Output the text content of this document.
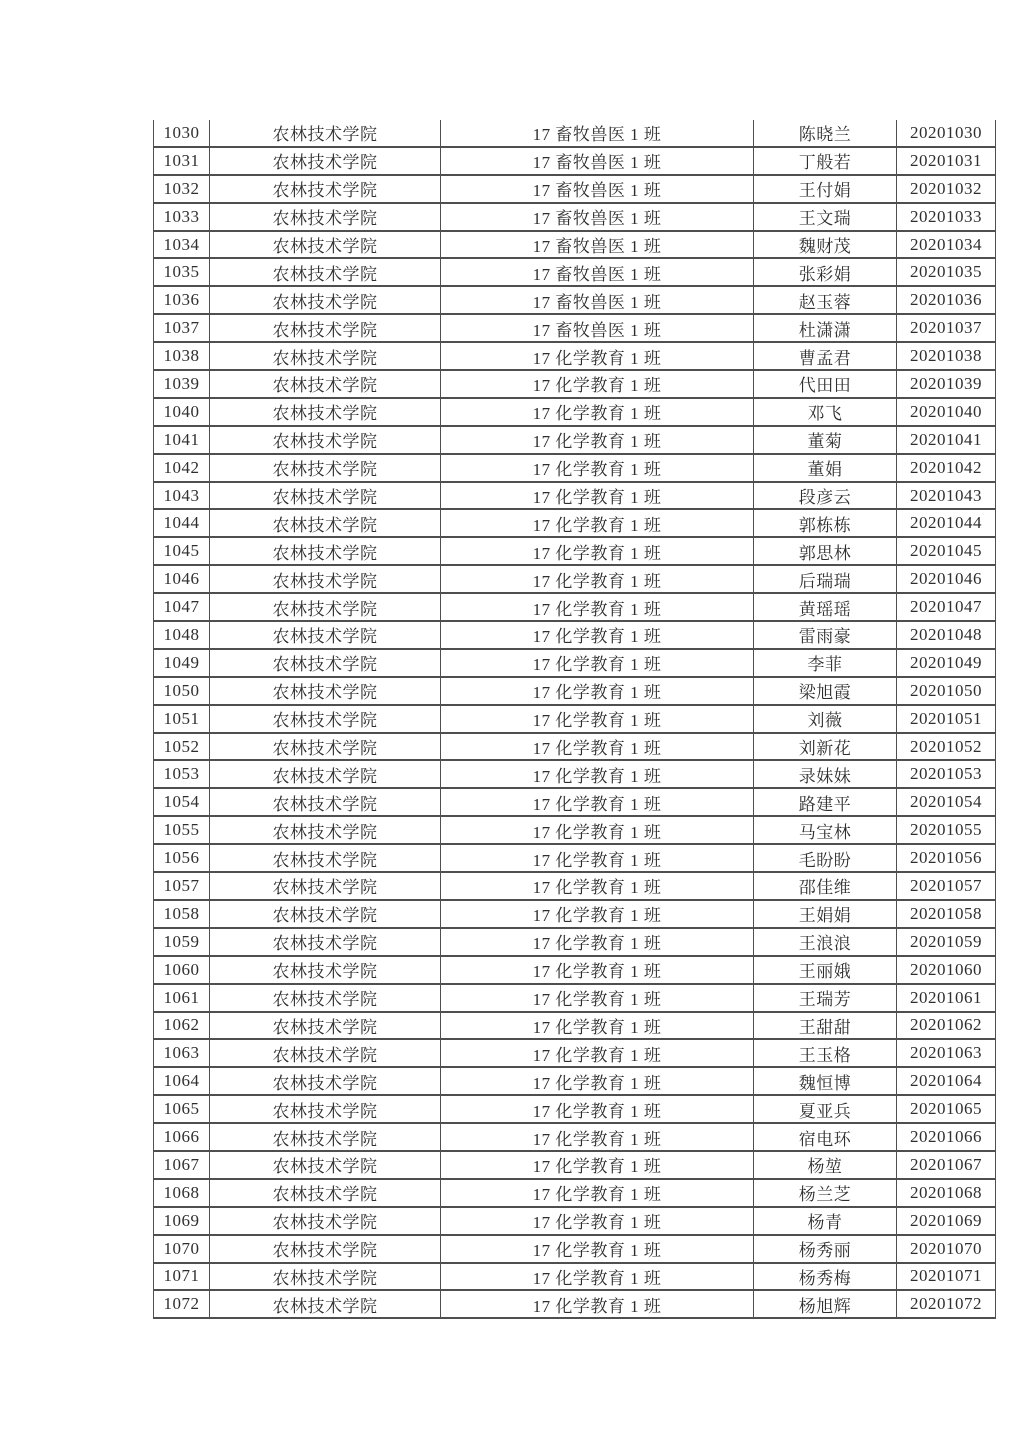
1030	农林技术学院	17 畜牧兽医 1 班	陈晓兰	20201030
1031	农林技术学院	17 畜牧兽医 1 班	丁般若	20201031
1032	农林技术学院	17 畜牧兽医 1 班	王付娟	20201032
1033	农林技术学院	17 畜牧兽医 1 班	王文瑞	20201033
1034	农林技术学院	17 畜牧兽医 1 班	魏财茂	20201034
1035	农林技术学院	17 畜牧兽医 1 班	张彩娟	20201035
1036	农林技术学院	17 畜牧兽医 1 班	赵玉蓉	20201036
1037	农林技术学院	17 畜牧兽医 1 班	杜潇潇	20201037
1038	农林技术学院	17 化学教育 1 班	曹孟君	20201038
1039	农林技术学院	17 化学教育 1 班	代田田	20201039
1040	农林技术学院	17 化学教育 1 班	邓飞	20201040
1041	农林技术学院	17 化学教育 1 班	董菊	20201041
1042	农林技术学院	17 化学教育 1 班	董娟	20201042
1043	农林技术学院	17 化学教育 1 班	段彦云	20201043
1044	农林技术学院	17 化学教育 1 班	郭栋栋	20201044
1045	农林技术学院	17 化学教育 1 班	郭思林	20201045
1046	农林技术学院	17 化学教育 1 班	后瑞瑞	20201046
1047	农林技术学院	17 化学教育 1 班	黄瑶瑶	20201047
1048	农林技术学院	17 化学教育 1 班	雷雨豪	20201048
1049	农林技术学院	17 化学教育 1 班	李菲	20201049
1050	农林技术学院	17 化学教育 1 班	梁旭霞	20201050
1051	农林技术学院	17 化学教育 1 班	刘薇	20201051
1052	农林技术学院	17 化学教育 1 班	刘新花	20201052
1053	农林技术学院	17 化学教育 1 班	录妹妹	20201053
1054	农林技术学院	17 化学教育 1 班	路建平	20201054
1055	农林技术学院	17 化学教育 1 班	马宝林	20201055
1056	农林技术学院	17 化学教育 1 班	毛盼盼	20201056
1057	农林技术学院	17 化学教育 1 班	邵佳维	20201057
1058	农林技术学院	17 化学教育 1 班	王娟娟	20201058
1059	农林技术学院	17 化学教育 1 班	王浪浪	20201059
1060	农林技术学院	17 化学教育 1 班	王丽娥	20201060
1061	农林技术学院	17 化学教育 1 班	王瑞芳	20201061
1062	农林技术学院	17 化学教育 1 班	王甜甜	20201062
1063	农林技术学院	17 化学教育 1 班	王玉格	20201063
1064	农林技术学院	17 化学教育 1 班	魏恒博	20201064
1065	农林技术学院	17 化学教育 1 班	夏亚兵	20201065
1066	农林技术学院	17 化学教育 1 班	宿电环	20201066
1067	农林技术学院	17 化学教育 1 班	杨堃	20201067
1068	农林技术学院	17 化学教育 1 班	杨兰芝	20201068
1069	农林技术学院	17 化学教育 1 班	杨青	20201069
1070	农林技术学院	17 化学教育 1 班	杨秀丽	20201070
1071	农林技术学院	17 化学教育 1 班	杨秀梅	20201071
1072	农林技术学院	17 化学教育 1 班	杨旭辉	20201072
